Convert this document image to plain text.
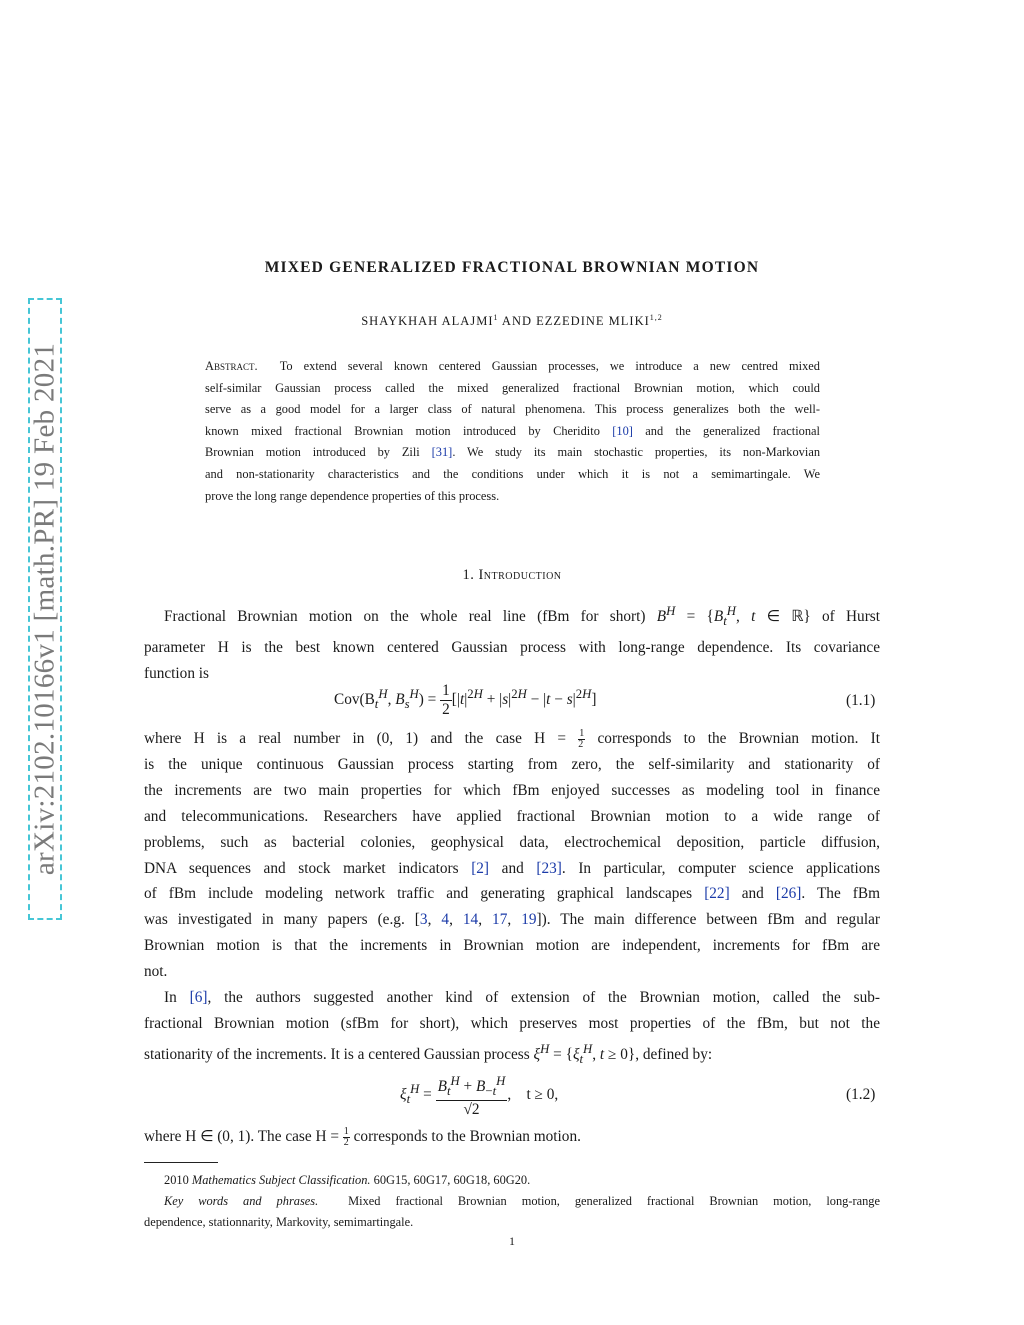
arXiv:2102.10166v1 [math.PR] 19 Feb 2021
MIXED GENERALIZED FRACTIONAL BROWNIAN MOTION
SHAYKHAH ALAJMI$^1$ AND EZZEDINE MLIKI$^{1,2}$
Abstract. To extend several known centered Gaussian processes, we introduce a new centred mixed
self-similar Gaussian process called the mixed generalized fractional Brownian motion, which could
serve as a good model for a larger class of natural phenomena. This process generalizes both the well-
known mixed fractional Brownian motion introduced by Cheridito [10] and the generalized fractional
Brownian motion introduced by Zili [31]. We study its main stochastic properties, its non-Markovian
and non-stationarity characteristics and the conditions under which it is not a semimartingale. We
prove the long range dependence properties of this process.
1. Introduction
Fractional Brownian motion on the whole real line (fBm for short) $B^H = \{B_t^H$, t ∈ ℝ} of Hurst
parameter H is the best known centered Gaussian process with long-range dependence. Its covariance
function is
$Cov(B_t^H$, $B_s^H) = \frac{1}{2} [|t|^{2H} + |s|^{2H} - |t - s|^{2H}]$	(1.1)
where H is a real number in (0, 1) and the case $H = \frac{1}{2}$ corresponds to the Brownian motion. It
is the unique continuous Gaussian process starting from zero, the self-similarity and stationarity of
the increments are two main properties for which fBm enjoyed successes as modeling tool in finance
and telecommunications. Researchers have applied fractional Brownian motion to a wide range of
problems, such as bacterial colonies, geophysical data, electrochemical deposition, particle diffusion,
DNA sequences and stock market indicators [2] and [23]. In particular, computer science applications
of fBm include modeling network traffic and generating graphical landscapes [22] and [26]. The fBm
was investigated in many papers (e.g. [3, 4, 14, 17, 19]). The main difference between fBm and regular
Brownian motion is that the increments in Brownian motion are independent, increments for fBm are
not.
In [6], the authors suggested another kind of extension of the Brownian motion, called the sub-
fractional Brownian motion (sfBm for short), which preserves most properties of the fBm, but not the
stationarity of the increments. It is a centered Gaussian process $\xi^H = \{\xi_t^H$, t ≥ 0}, defined by:
$\xi_t^H = \frac{B_t^H + B_{-t}^H}{√2}$ ,    t ≥ 0,	(1.2)
where H ∈ (0, 1). The case $H = \frac{1}{2}$ corresponds to the Brownian motion.
2010 Mathematics Subject Classification. 60G15, 60G17, 60G18, 60G20.
Key words and phrases. Mixed fractional Brownian motion, generalized fractional Brownian motion, long-range
dependence, stationnarity, Markovity, semimartingale.
1
